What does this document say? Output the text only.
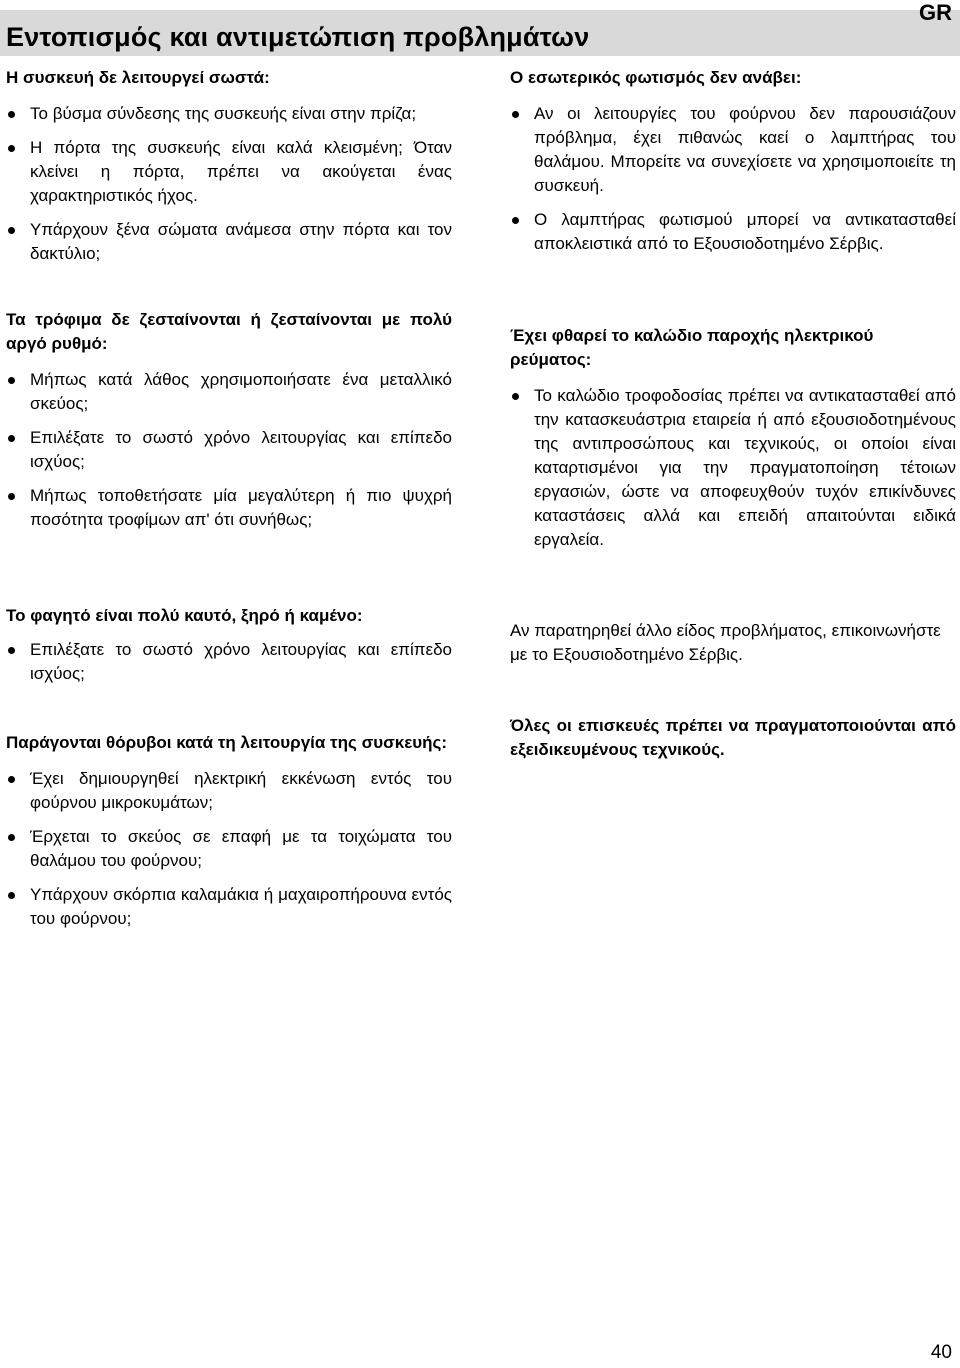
GR
Εντοπισμός και αντιμετώπιση προβλημάτων

Η συσκευή δε λειτουργεί σωστά:

Το βύσμα σύνδεσης της συσκευής είναι στην πρίζα;
Η πόρτα της συσκευής είναι καλά κλεισμένη; Όταν κλείνει η πόρτα, πρέπει να ακούγεται ένας χαρακτηριστικός ήχος.
Υπάρχουν ξένα σώματα ανάμεσα στην πόρτα και τον δακτύλιο;

Τα τρόφιμα δε ζεσταίνονται ή ζεσταίνονται με πολύ αργό ρυθμό:

Μήπως κατά λάθος χρησιμοποιήσατε ένα μεταλλικό σκεύος;
Επιλέξατε το σωστό χρόνο λειτουργίας και επίπεδο ισχύος;
Μήπως τοποθετήσατε μία μεγαλύτερη ή πιο ψυχρή ποσότητα τροφίμων απ' ότι συνήθως;

Το φαγητό είναι πολύ καυτό, ξηρό ή καμένο:

Επιλέξατε το σωστό χρόνο λειτουργίας και επίπεδο ισχύος;

Παράγονται θόρυβοι κατά τη λειτουργία της συσκευής:

Έχει δημιουργηθεί ηλεκτρική εκκένωση εντός του φούρνου μικροκυμάτων;
Έρχεται το σκεύος σε επαφή με τα τοιχώματα του θαλάμου του φούρνου;
Υπάρχουν σκόρπια καλαμάκια ή μαχαιροπήρουνα εντός του φούρνου;

Ο εσωτερικός φωτισμός δεν ανάβει:

Αν οι λειτουργίες του φούρνου δεν παρουσιάζουν πρόβλημα, έχει πιθανώς καεί ο λαμπτήρας του θαλάμου. Μπορείτε να συνεχίσετε να χρησιμοποιείτε τη συσκευή.
Ο λαμπτήρας φωτισμού μπορεί να αντικατασταθεί αποκλειστικά από το Εξουσιοδοτημένο Σέρβις.

Έχει φθαρεί το καλώδιο παροχής ηλεκτρικού ρεύματος:

Το καλώδιο τροφοδοσίας πρέπει να αντικατασταθεί από την κατασκευάστρια εταιρεία ή από εξουσιοδοτημένους της αντιπροσώπους και τεχνικούς, οι οποίοι είναι καταρτισμένοι για την πραγματοποίηση τέτοιων εργασιών, ώστε να αποφευχθούν τυχόν επικίνδυνες καταστάσεις αλλά και επειδή απαιτούνται ειδικά εργαλεία.

Αν παρατηρηθεί άλλο είδος προβλήματος, επικοινωνήστε με το Εξουσιοδοτημένο Σέρβις.

Όλες οι επισκευές πρέπει να πραγματοποιούνται από εξειδικευμένους τεχνικούς.

40
